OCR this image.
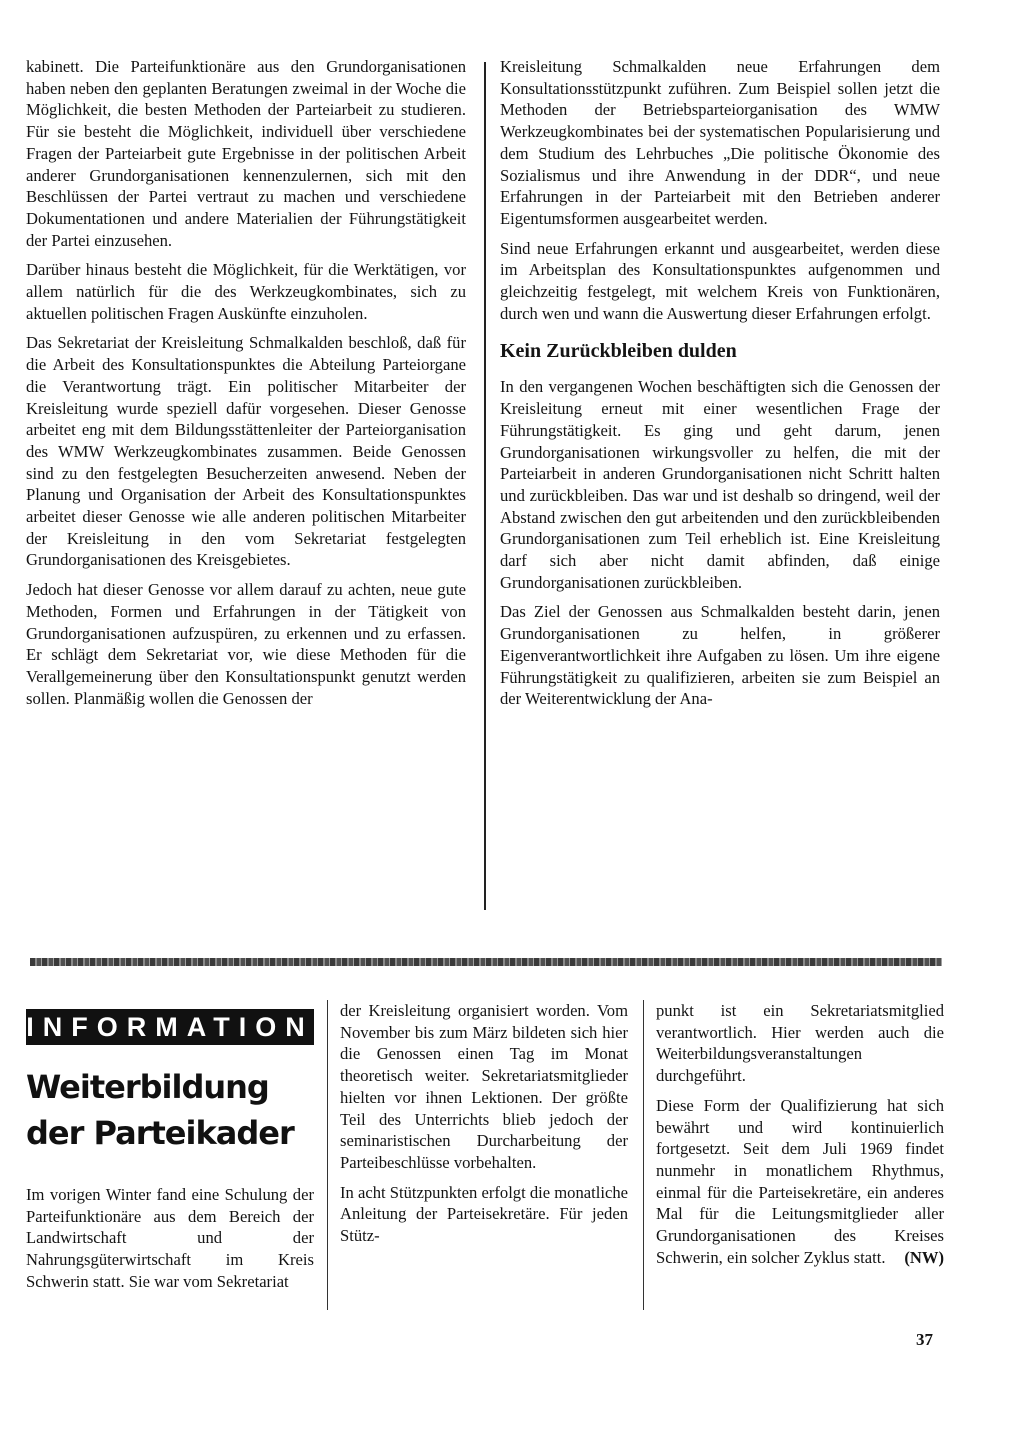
kabinett. Die Parteifunktionäre aus den Grundorganisationen haben neben den geplanten Beratungen zweimal in der Woche die Möglichkeit, die besten Methoden der Parteiarbeit zu studieren. Für sie besteht die Möglichkeit, individuell über verschiedene Fragen der Parteiarbeit gute Ergebnisse in der politischen Arbeit anderer Grundorganisationen kennenzulernen, sich mit den Beschlüssen der Partei vertraut zu machen und verschiedene Dokumentationen und andere Materialien der Führungstätigkeit der Partei einzusehen.

Darüber hinaus besteht die Möglichkeit, für die Werktätigen, vor allem natürlich für die des Werkzeugkombinates, sich zu aktuellen politischen Fragen Auskünfte einzuholen.

Das Sekretariat der Kreisleitung Schmalkalden beschloß, daß für die Arbeit des Konsultationspunktes die Abteilung Parteiorgane die Verantwortung trägt. Ein politischer Mitarbeiter der Kreisleitung wurde speziell dafür vorgesehen. Dieser Genosse arbeitet eng mit dem Bildungsstättenleiter der Parteiorganisation des WMW Werkzeugkombinates zusammen. Beide Genossen sind zu den festgelegten Besucherzeiten anwesend. Neben der Planung und Organisation der Arbeit des Konsultationspunktes arbeitet dieser Genosse wie alle anderen politischen Mitarbeiter der Kreisleitung in den vom Sekretariat festgelegten Grundorganisationen des Kreisgebietes.

Jedoch hat dieser Genosse vor allem darauf zu achten, neue gute Methoden, Formen und Erfahrungen in der Tätigkeit von Grundorganisationen aufzuspüren, zu erkennen und zu erfassen. Er schlägt dem Sekretariat vor, wie diese Methoden für die Verallgemeinerung über den Konsultationspunkt genutzt werden sollen. Planmäßig wollen die Genossen der

Kreisleitung Schmalkalden neue Erfahrungen dem Konsultationsstützpunkt zuführen. Zum Beispiel sollen jetzt die Methoden der Betriebsparteiorganisation des WMW Werkzeugkombinates bei der systematischen Popularisierung und dem Studium des Lehrbuches „Die politische Ökonomie des Sozialismus und ihre Anwendung in der DDR“, und neue Erfahrungen in der Parteiarbeit mit den Betrieben anderer Eigentumsformen ausgearbeitet werden.

Sind neue Erfahrungen erkannt und ausgearbeitet, werden diese im Arbeitsplan des Konsultationspunktes aufgenommen und gleichzeitig festgelegt, mit welchem Kreis von Funktionären, durch wen und wann die Auswertung dieser Erfahrungen erfolgt.

Kein Zurückbleiben dulden

In den vergangenen Wochen beschäftigten sich die Genossen der Kreisleitung erneut mit einer wesentlichen Frage der Führungstätigkeit. Es ging und geht darum, jenen Grundorganisationen wirkungsvoller zu helfen, die mit der Parteiarbeit in anderen Grundorganisationen nicht Schritt halten und zurückbleiben. Das war und ist deshalb so dringend, weil der Abstand zwischen den gut arbeitenden und den zurückbleibenden Grundorganisationen zum Teil erheblich ist. Eine Kreisleitung darf sich aber nicht damit abfinden, daß einige Grundorganisationen zurückbleiben.

Das Ziel der Genossen aus Schmalkalden besteht darin, jenen Grundorganisationen zu helfen, in größerer Eigenverantwortlichkeit ihre Aufgaben zu lösen. Um ihre eigene Führungstätigkeit zu qualifizieren, arbeiten sie zum Beispiel an der Weiterentwicklung der Ana-

INFORMATION
Weiterbildung
der Parteikader

Im vorigen Winter fand eine Schulung der Parteifunktionäre aus dem Bereich der Landwirtschaft und der Nahrungsgüterwirtschaft im Kreis Schwerin statt. Sie war vom Sekretariat

der Kreisleitung organisiert worden. Vom November bis zum März bildeten sich hier die Genossen einen Tag im Monat theoretisch weiter. Sekretariatsmitglieder hielten vor ihnen Lektionen. Der größte Teil des Unterrichts blieb jedoch der seminaristischen Durcharbeitung der Parteibeschlüsse vorbehalten.

In acht Stützpunkten erfolgt die monatliche Anleitung der Parteisekretäre. Für jeden Stütz-

punkt ist ein Sekretariatsmitglied verantwortlich. Hier werden auch die Weiterbildungsveranstaltungen durchgeführt.

Diese Form der Qualifizierung hat sich bewährt und wird kontinuierlich fortgesetzt. Seit dem Juli 1969 findet nunmehr in monatlichem Rhythmus, einmal für die Parteisekretäre, ein anderes Mal für die Leitungsmitglieder aller Grundorganisationen des Kreises Schwerin, ein solcher Zyklus statt. (NW)

37
